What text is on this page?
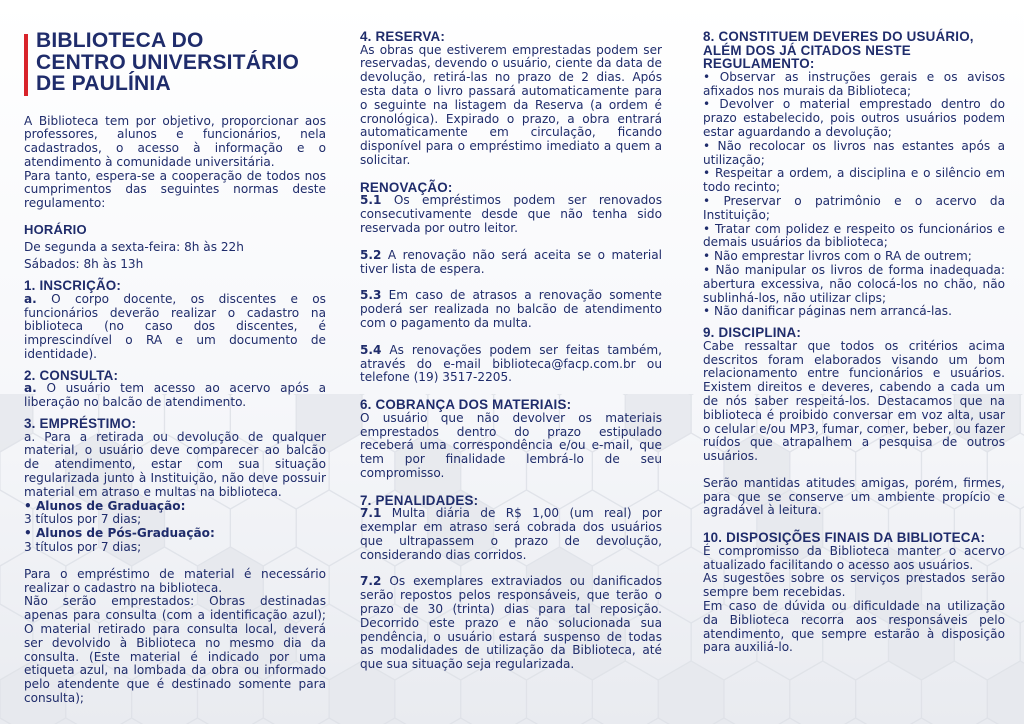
BIBLIOTECA DO
CENTRO UNIVERSITÁRIO
DE PAULÍNIA

A Biblioteca tem por objetivo, proporcionar aos professores, alunos e funcionários, nela cadastrados, o acesso à informação e o atendimento à comunidade universitária.

Para tanto, espera-se a cooperação de todos nos cumprimentos das seguintes normas deste regulamento:

HORÁRIO

De segunda a sexta-feira: 8h às 22h

Sábados: 8h às 13h

1. INSCRIÇÃO:

a. O corpo docente, os discentes e os funcionários deverão realizar o cadastro na biblioteca (no caso dos discentes, é imprescindível o RA e um documento de identidade).

2. CONSULTA:

a. O usuário tem acesso ao acervo após a liberação no balcão de atendimento.

3. EMPRÉSTIMO:

a. Para a retirada ou devolução de qualquer material, o usuário deve comparecer ao balcão de atendimento, estar com sua situação regularizada junto à Instituição, não deve possuir material em atraso e multas na biblioteca.

• Alunos de Graduação:

3 títulos por 7 dias;

• Alunos de Pós-Graduação:

3 títulos por 7 dias;

Para o empréstimo de material é necessário realizar o cadastro na biblioteca.

Não serão emprestados: Obras destinadas apenas para consulta (com a identificação azul); O material retirado para consulta local, deverá ser devolvido à Biblioteca no mesmo dia da consulta. (Este material é indicado por uma etiqueta azul, na lombada da obra ou informado pelo atendente que é destinado somente para consulta);

4. RESERVA:

As obras que estiverem emprestadas podem ser reservadas, devendo o usuário, ciente da data de devolução, retirá-las no prazo de 2 dias. Após esta data o livro passará automaticamente para o seguinte na listagem da Reserva (a ordem é cronológica). Expirado o prazo, a obra entrará automaticamente em circulação, ficando disponível para o empréstimo imediato a quem a solicitar.

RENOVAÇÃO:

5.1 Os empréstimos podem ser renovados consecutivamente desde que não tenha sido reservada por outro leitor.

5.2 A renovação não será aceita se o material tiver lista de espera.

5.3 Em caso de atrasos a renovação somente poderá ser realizada no balcão de atendimento com o pagamento da multa.

5.4 As renovações podem ser feitas também, através do e-mail biblioteca@facp.com.br ou telefone (19) 3517-2205.

6. COBRANÇA DOS MATERIAIS:

O usuário que não devolver os materiais emprestados dentro do prazo estipulado receberá uma correspondência e/ou e-mail, que tem por finalidade lembrá-lo de seu compromisso.

7. PENALIDADES:

7.1 Multa diária de R$ 1,00 (um real) por exemplar em atraso será cobrada dos usuários que ultrapassem o prazo de devolução, considerando dias corridos.

7.2 Os exemplares extraviados ou danificados serão repostos pelos responsáveis, que terão o prazo de 30 (trinta) dias para tal reposição. Decorrido este prazo e não solucionada sua pendência, o usuário estará suspenso de todas as modalidades de utilização da Biblioteca, até que sua situação seja regularizada.

8. CONSTITUEM DEVERES DO USUÁRIO, ALÉM DOS JÁ CITADOS NESTE REGULAMENTO:

• Observar as instruções gerais e os avisos afixados nos murais da Biblioteca;

• Devolver o material emprestado dentro do prazo estabelecido, pois outros usuários podem estar aguardando a devolução;

• Não recolocar os livros nas estantes após a utilização;

• Respeitar a ordem, a disciplina e o silêncio em todo recinto;

• Preservar o patrimônio e o acervo da Instituição;

• Tratar com polidez e respeito os funcionários e demais usuários da biblioteca;

• Não emprestar livros com o RA de outrem;

• Não manipular os livros de forma inadequada: abertura excessiva, não colocá-los no chão, não sublinhá-los, não utilizar clips;

• Não danificar páginas nem arrancá-las.

9. DISCIPLINA:

Cabe ressaltar que todos os critérios acima descritos foram elaborados visando um bom relacionamento entre funcionários e usuários. Existem direitos e deveres, cabendo a cada um de nós saber respeitá-los. Destacamos que na biblioteca é proibido conversar em voz alta, usar o celular e/ou MP3, fumar, comer, beber, ou fazer ruídos que atrapalhem a pesquisa de outros usuários.

Serão mantidas atitudes amigas, porém, firmes, para que se conserve um ambiente propício e agradável à leitura.

10. DISPOSIÇÕES FINAIS DA BIBLIOTECA:

É compromisso da Biblioteca manter o acervo atualizado facilitando o acesso aos usuários.

As sugestões sobre os serviços prestados serão sempre bem recebidas.

Em caso de dúvida ou dificuldade na utilização da Biblioteca recorra aos responsáveis pelo atendimento, que sempre estarão à disposição para auxiliá-lo.
